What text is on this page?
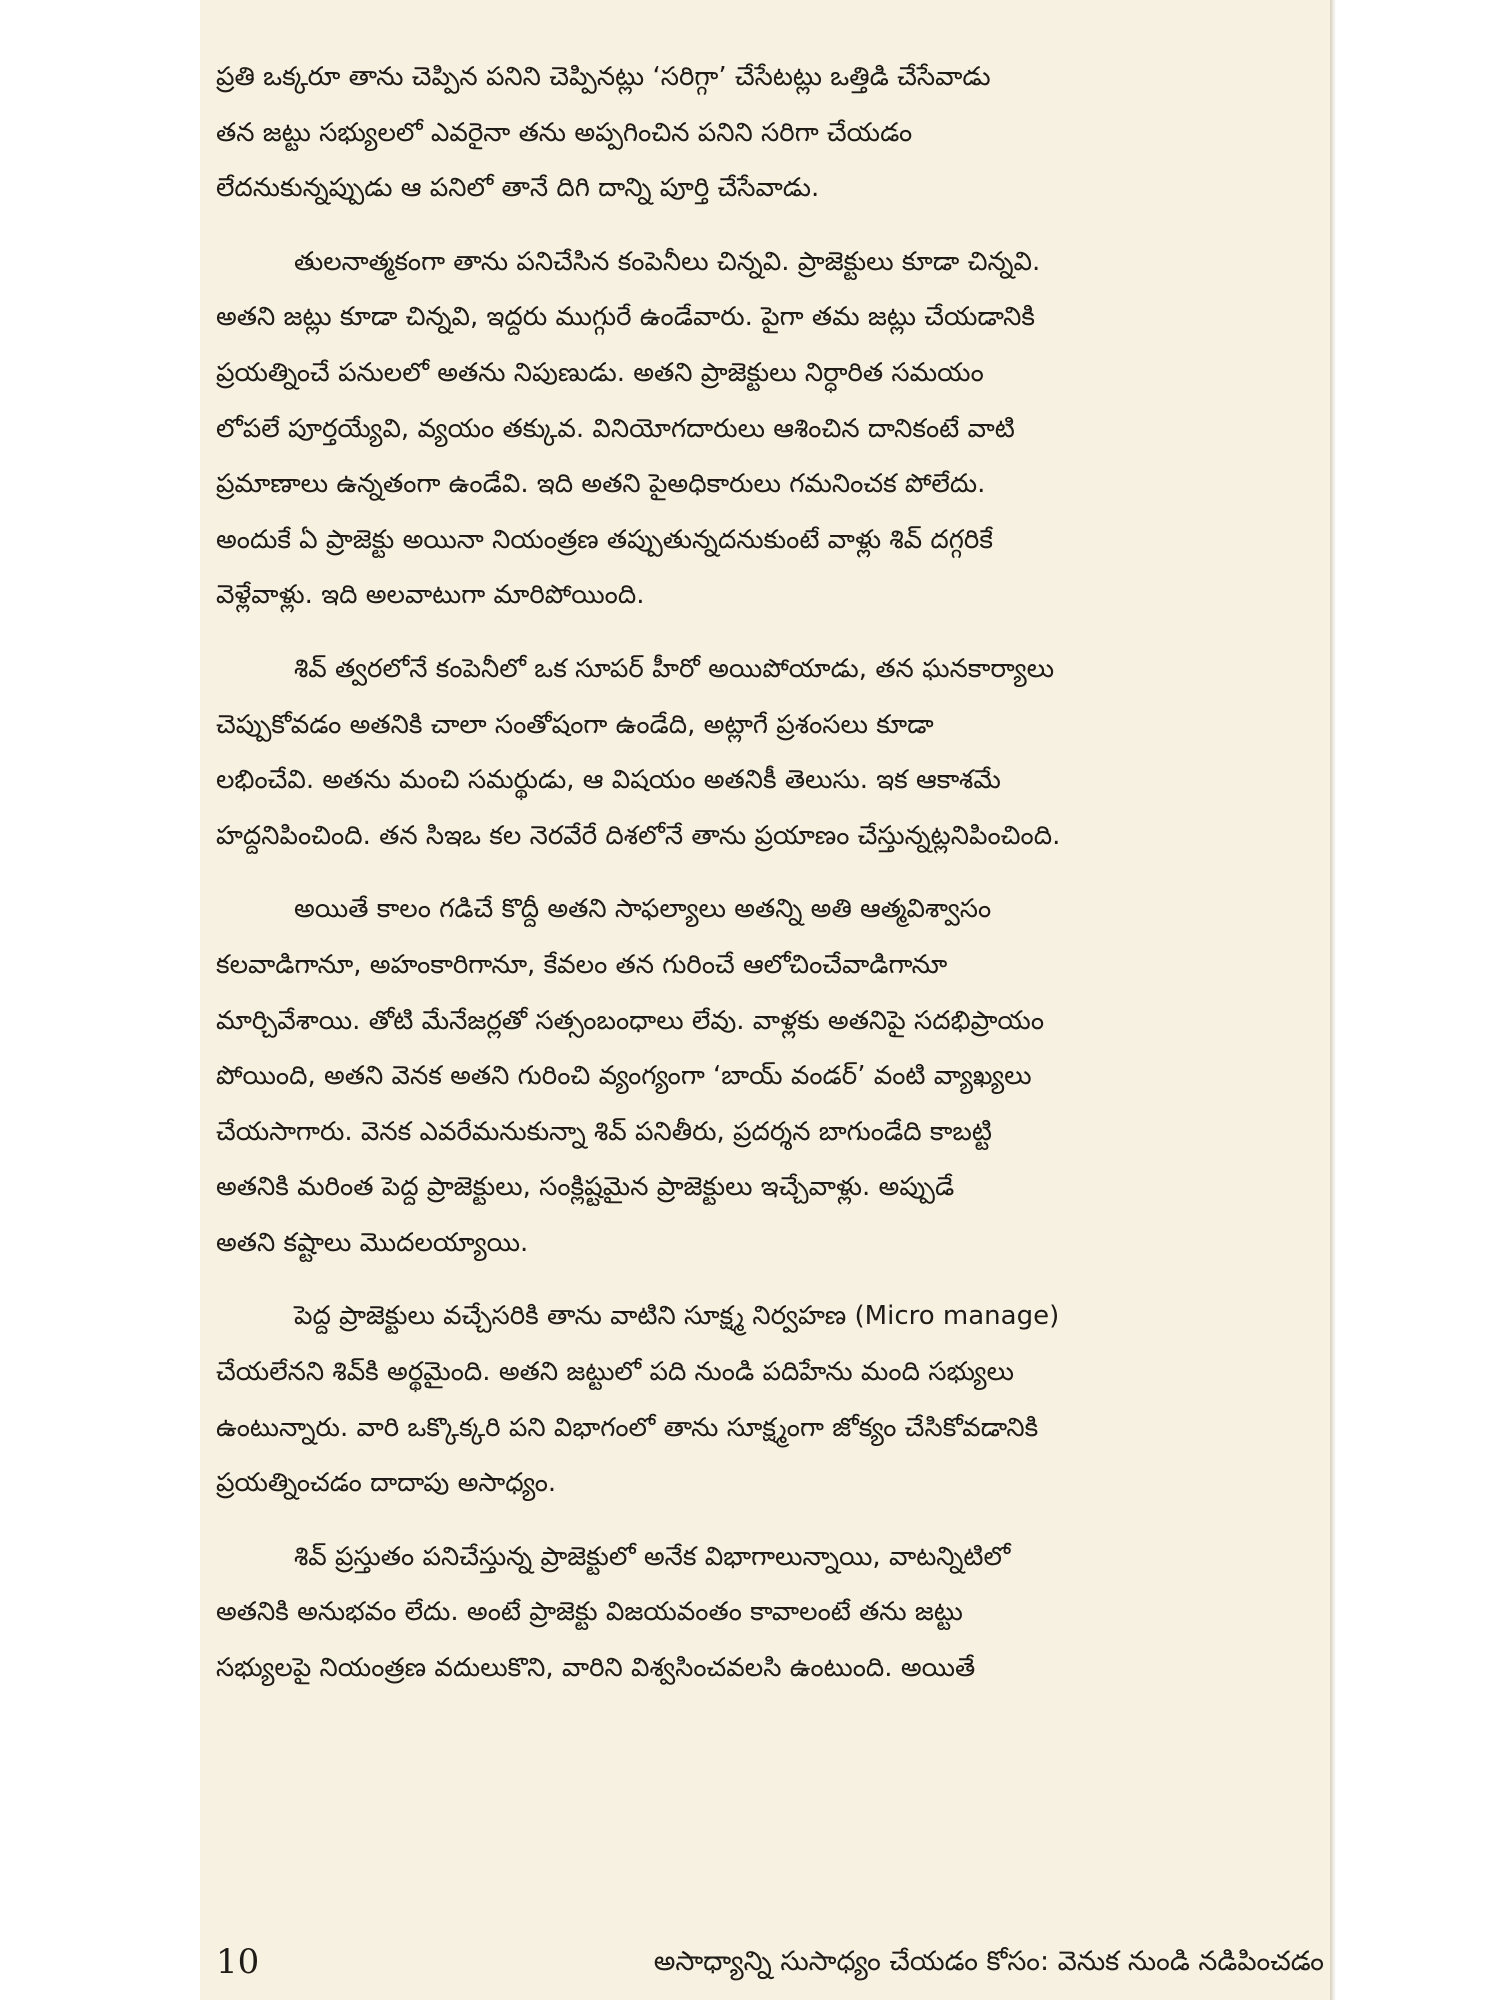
ప్రతి ఒక్కరూ తాను చెప్పిన పనిని చెప్పినట్లు ‘సరిగ్గా’ చేసేటట్లు ఒత్తిడి చేసేవాడు
తన జట్టు సభ్యులలో ఎవరైనా తను అప్పగించిన పనిని సరిగా చేయడం
లేదనుకున్నప్పుడు ఆ పనిలో తానే దిగి దాన్ని పూర్తి చేసేవాడు.

తులనాత్మకంగా తాను పనిచేసిన కంపెనీలు చిన్నవి. ప్రాజెక్టులు కూడా చిన్నవి.
అతని జట్లు కూడా చిన్నవి, ఇద్దరు ముగ్గురే ఉండేవారు. పైగా తమ జట్లు చేయడానికి
ప్రయత్నించే పనులలో అతను నిపుణుడు. అతని ప్రాజెక్టులు నిర్ధారిత సమయం
లోపలే పూర్తయ్యేవి, వ్యయం తక్కువ. వినియోగదారులు ఆశించిన దానికంటే వాటి
ప్రమాణాలు ఉన్నతంగా ఉండేవి. ఇది అతని పైఅధికారులు గమనించక పోలేదు.
అందుకే ఏ ప్రాజెక్టు అయినా నియంత్రణ తప్పుతున్నదనుకుంటే వాళ్లు శివ్ దగ్గరికే
వెళ్లేవాళ్లు. ఇది అలవాటుగా మారిపోయింది.

శివ్ త్వరలోనే కంపెనీలో ఒక సూపర్ హీరో అయిపోయాడు, తన ఘనకార్యాలు
చెప్పుకోవడం అతనికి చాలా సంతోషంగా ఉండేది, అట్లాగే ప్రశంసలు కూడా
లభించేవి. అతను మంచి సమర్థుడు, ఆ విషయం అతనికీ తెలుసు. ఇక ఆకాశమే
హద్దనిపించింది. తన సిఇఒ కల నెరవేరే దిశలోనే తాను ప్రయాణం చేస్తున్నట్లనిపించింది.

అయితే కాలం గడిచే కొద్దీ అతని సాఫల్యాలు అతన్ని అతి ఆత్మవిశ్వాసం
కలవాడిగానూ, అహంకారిగానూ, కేవలం తన గురించే ఆలోచించేవాడిగానూ
మార్చివేశాయి. తోటి మేనేజర్లతో సత్సంబంధాలు లేవు. వాళ్లకు అతనిపై సదభిప్రాయం
పోయింది, అతని వెనక అతని గురించి వ్యంగ్యంగా ‘బాయ్ వండర్’ వంటి వ్యాఖ్యలు
చేయసాగారు. వెనక ఎవరేమనుకున్నా శివ్ పనితీరు, ప్రదర్శన బాగుండేది కాబట్టి
అతనికి మరింత పెద్ద ప్రాజెక్టులు, సంక్లిష్టమైన ప్రాజెక్టులు ఇచ్చేవాళ్లు. అప్పుడే
అతని కష్టాలు మొదలయ్యాయి.

పెద్ద ప్రాజెక్టులు వచ్చేసరికి తాను వాటిని సూక్ష్మ నిర్వహణ (Micro manage)
చేయలేనని శివ్‌కి అర్థమైంది. అతని జట్టులో పది నుండి పదిహేను మంది సభ్యులు
ఉంటున్నారు. వారి ఒక్కొక్కరి పని విభాగంలో తాను సూక్ష్మంగా జోక్యం చేసికోవడానికి
ప్రయత్నించడం దాదాపు అసాధ్యం.

శివ్ ప్రస్తుతం పనిచేస్తున్న ప్రాజెక్టులో అనేక విభాగాలున్నాయి, వాటన్నిటిలో
అతనికి అనుభవం లేదు. అంటే ప్రాజెక్టు విజయవంతం కావాలంటే తను జట్టు
సభ్యులపై నియంత్రణ వదులుకొని, వారిని విశ్వసించవలసి ఉంటుంది. అయితే

10	అసాధ్యాన్ని సుసాధ్యం చేయడం కోసం: వెనుక నుండి నడిపించడం
